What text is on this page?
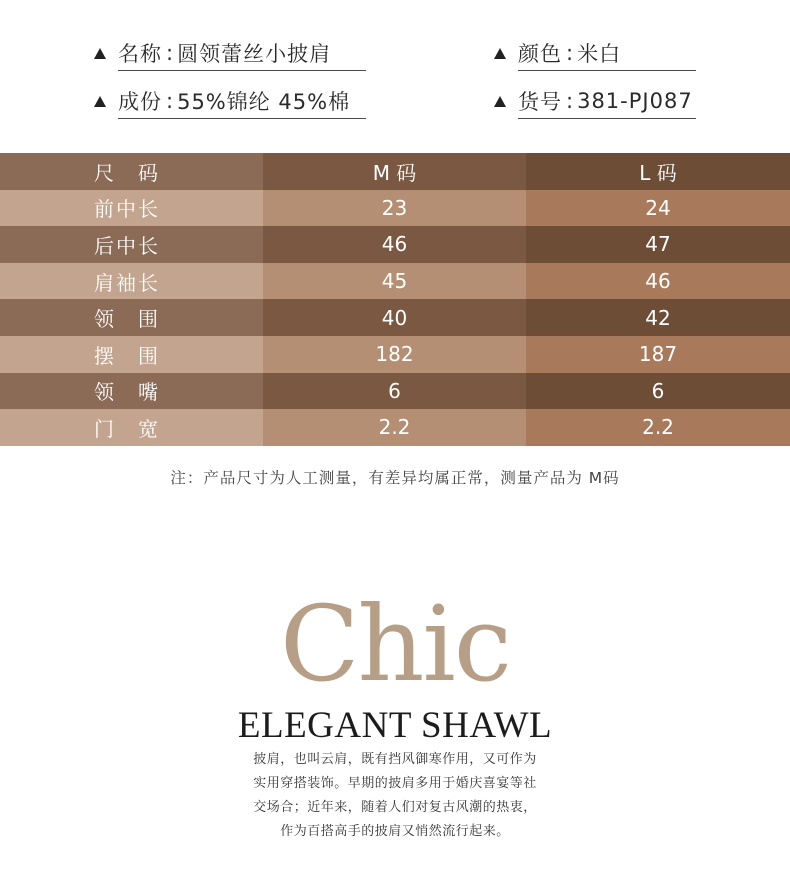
名称 : 圆领蕾丝小披肩	颜色 : 米白
成份 : 55%锦纶 45%棉	货号 : 381-PJ087
尺　码	M 码	L 码
前中长	23	24
后中长	46	47
肩袖长	45	46
领　围	40	42
摆　围	182	187
领　嘴	6	6
门　宽	2.2	2.2
注：产品尺寸为人工测量，有差异均属正常，测量产品为 M码
Chic
ELEGANT SHAWL
披肩，也叫云肩，既有挡风御寒作用，又可作为
实用穿搭装饰。早期的披肩多用于婚庆喜宴等社
交场合；近年来，随着人们对复古风潮的热衷，
作为百搭高手的披肩又悄然流行起来。
